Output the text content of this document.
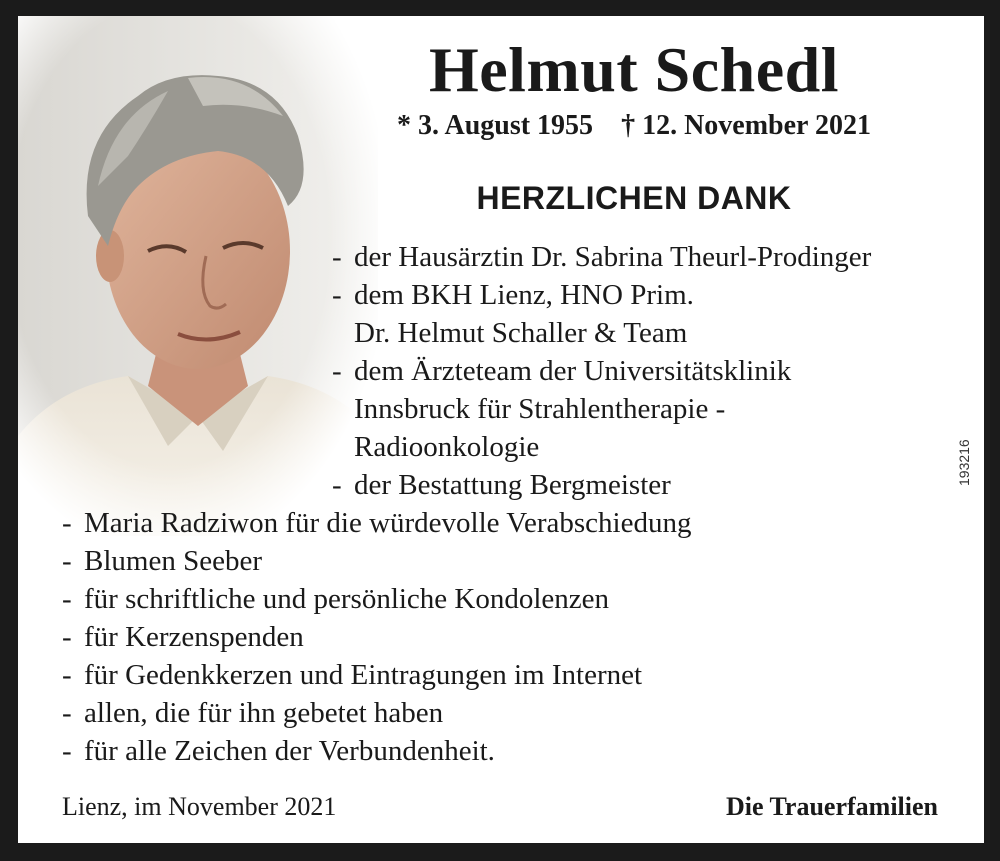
Helmut Schedl
* 3. August 1955 † 12. November 2021
HERZLICHEN DANK
- der Hausärztin Dr. Sabrina Theurl-Prodinger
- dem BKH Lienz, HNO Prim. Dr. Helmut Schaller & Team
- dem Ärzteteam der Universitätsklinik Innsbruck für Strahlentherapie - Radioonkologie
- der Bestattung Bergmeister
- Maria Radziwon für die würdevolle Verabschiedung
- Blumen Seeber
- für schriftliche und persönliche Kondolenzen
- für Kerzenspenden
- für Gedenkkerzen und Eintragungen im Internet
- allen, die für ihn gebetet haben
- für alle Zeichen der Verbundenheit.
Lienz, im November 2021	Die Trauerfamilien
193216
